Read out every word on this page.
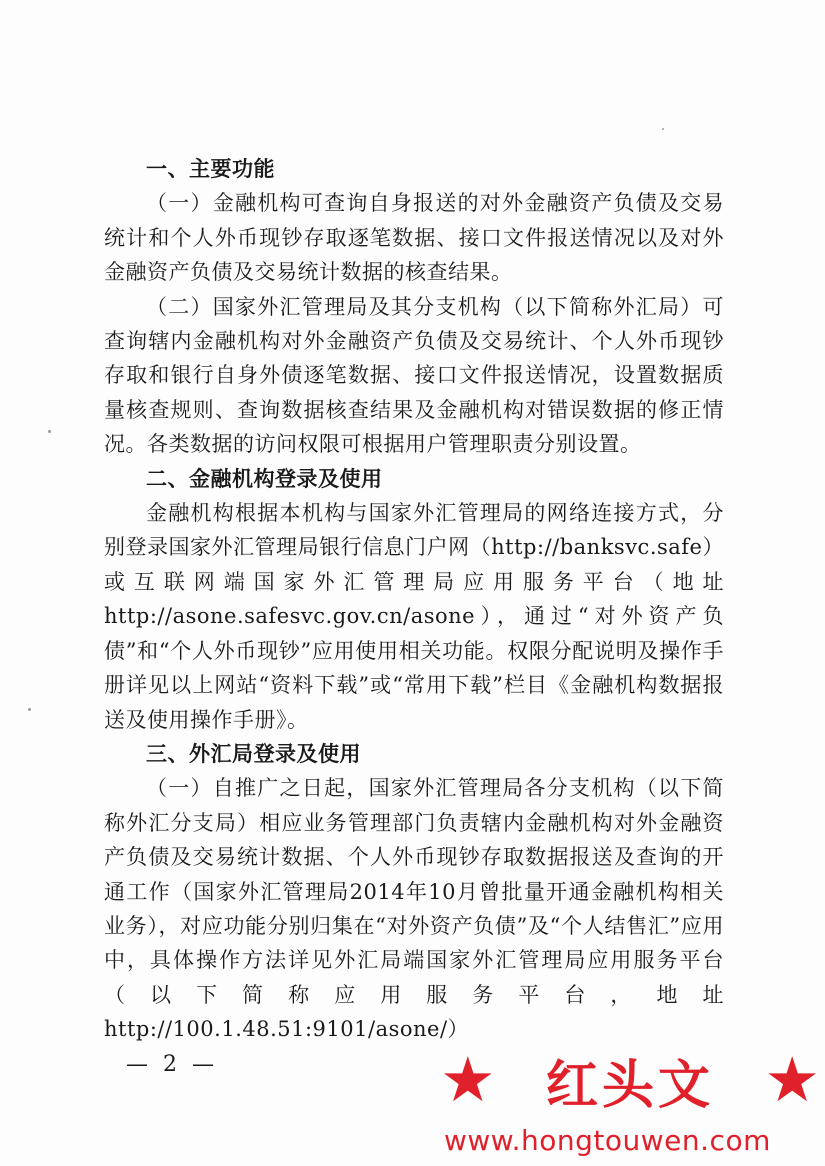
一、主要功能

（一）金融机构可查询自身报送的对外金融资产负债及交易统计和个人外币现钞存取逐笔数据、接口文件报送情况以及对外金融资产负债及交易统计数据的核查结果。

（二）国家外汇管理局及其分支机构（以下简称外汇局）可查询辖内金融机构对外金融资产负债及交易统计、个人外币现钞存取和银行自身外债逐笔数据、接口文件报送情况，设置数据质量核查规则、查询数据核查结果及金融机构对错误数据的修正情况。各类数据的访问权限可根据用户管理职责分别设置。

二、金融机构登录及使用

金融机构根据本机构与国家外汇管理局的网络连接方式，分别登录国家外汇管理局银行信息门户网（http://banksvc.safe）或互联网端国家外汇管理局应用服务平台（地址http://asone.safesvc.gov.cn/asone），通过“对外资产负债”和“个人外币现钞”应用使用相关功能。权限分配说明及操作手册详见以上网站“资料下载”或“常用下载”栏目《金融机构数据报送及使用操作手册》。

三、外汇局登录及使用

（一）自推广之日起，国家外汇管理局各分支机构（以下简称外汇分支局）相应业务管理部门负责辖内金融机构对外金融资产负债及交易统计数据、个人外币现钞存取数据报送及查询的开通工作（国家外汇管理局2014年10月曾批量开通金融机构相关业务），对应功能分别归集在“对外资产负债”及“个人结售汇”应用中，具体操作方法详见外汇局端国家外汇管理局应用服务平台（以下简称应用服务平台，地址http://100.1.48.51:9101/asone/）

— 2 —	★ 红头文 ★
www.hongtouwen.com
